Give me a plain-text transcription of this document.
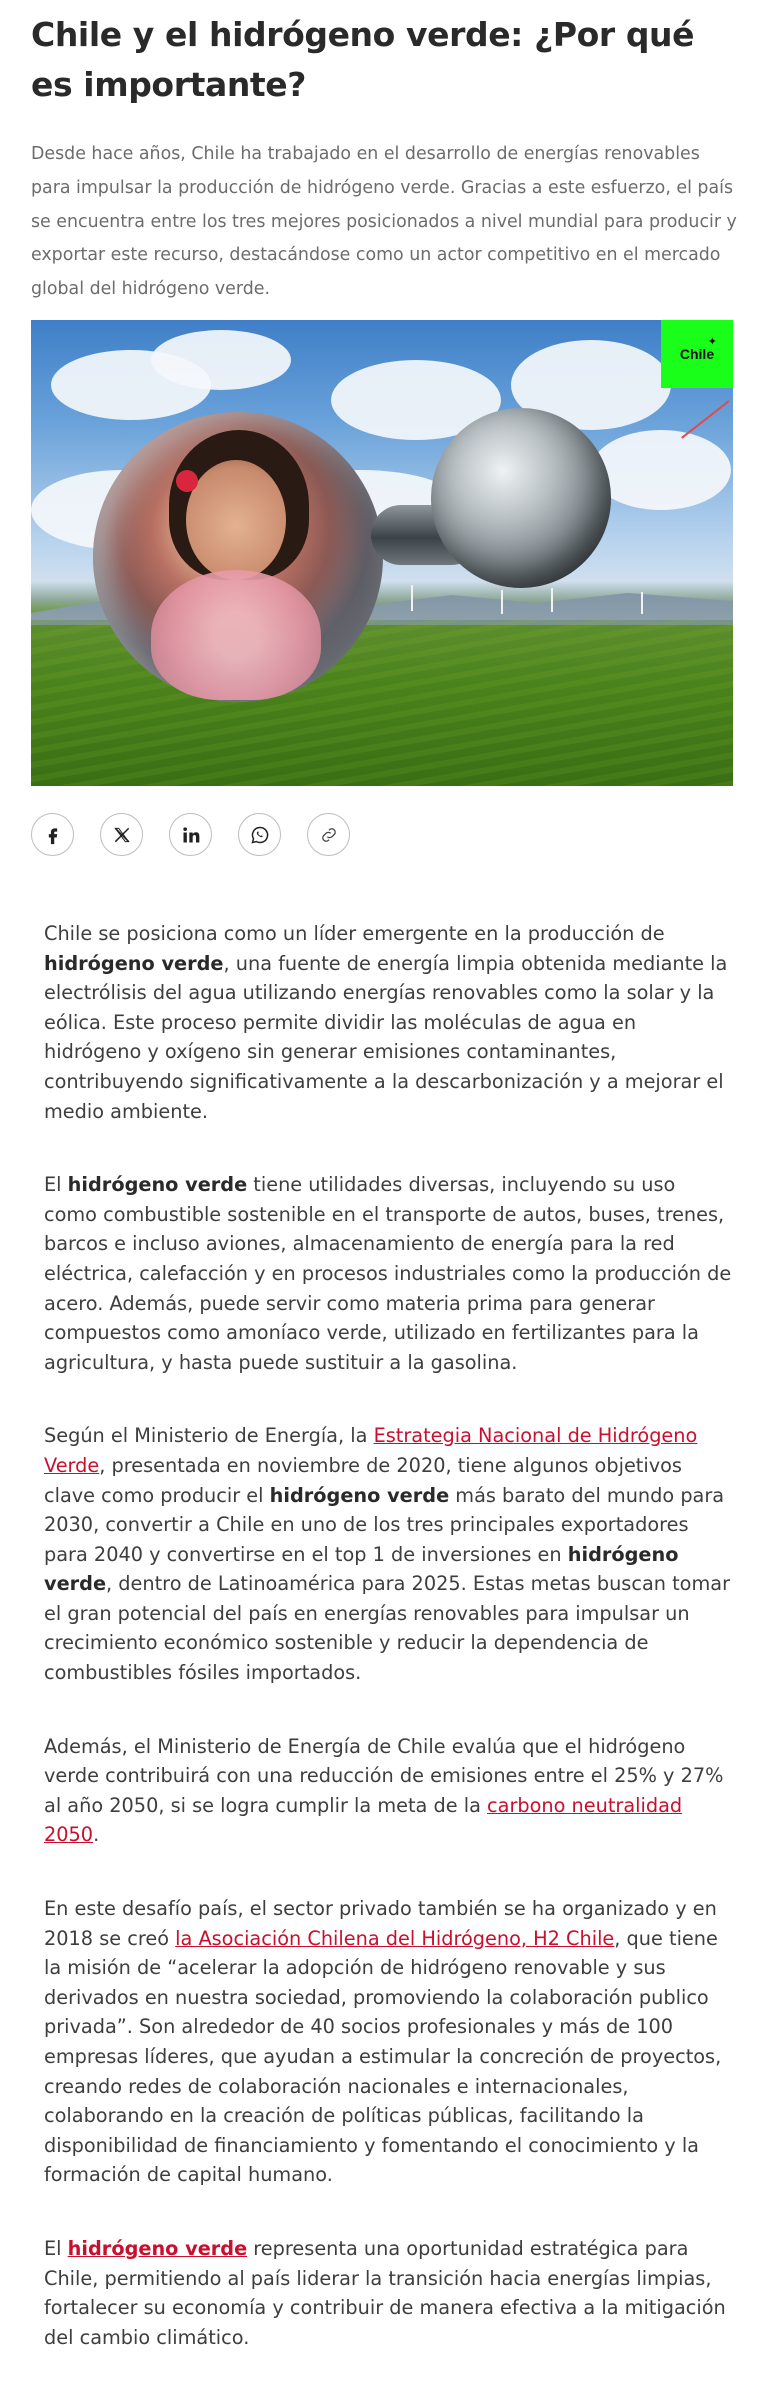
Chile y el hidrógeno verde: ¿Por qué es importante?

Desde hace años, Chile ha trabajado en el desarrollo de energías renovables para impulsar la producción de hidrógeno verde. Gracias a este esfuerzo, el país se encuentra entre los tres mejores posicionados a nivel mundial para producir y exportar este recurso, destacándose como un actor competitivo en el mercado global del hidrógeno verde.

Chile
✦

Chile se posiciona como un líder emergente en la producción de hidrógeno verde, una fuente de energía limpia obtenida mediante la electrólisis del agua utilizando energías renovables como la solar y la eólica. Este proceso permite dividir las moléculas de agua en hidrógeno y oxígeno sin generar emisiones contaminantes, contribuyendo significativamente a la descarbonización y a mejorar el medio ambiente.

El hidrógeno verde tiene utilidades diversas, incluyendo su uso como combustible sostenible en el transporte de autos, buses, trenes, barcos e incluso aviones, almacenamiento de energía para la red eléctrica, calefacción y en procesos industriales como la producción de acero. Además, puede servir como materia prima para generar compuestos como amoníaco verde, utilizado en fertilizantes para la agricultura, y hasta puede sustituir a la gasolina.

Según el Ministerio de Energía, la Estrategia Nacional de Hidrógeno Verde, presentada en noviembre de 2020, tiene algunos objetivos clave como producir el hidrógeno verde más barato del mundo para 2030, convertir a Chile en uno de los tres principales exportadores para 2040 y convertirse en el top 1 de inversiones en hidrógeno verde, dentro de Latinoamérica para 2025. Estas metas buscan tomar el gran potencial del país en energías renovables para impulsar un crecimiento económico sostenible y reducir la dependencia de combustibles fósiles importados.

Además, el Ministerio de Energía de Chile evalúa que el hidrógeno verde contribuirá con una reducción de emisiones entre el 25% y 27% al año 2050, si se logra cumplir la meta de la carbono neutralidad 2050.

En este desafío país, el sector privado también se ha organizado y en 2018 se creó la Asociación Chilena del Hidrógeno, H2 Chile, que tiene la misión de “acelerar la adopción de hidrógeno renovable y sus derivados en nuestra sociedad, promoviendo la colaboración publico privada”. Son alrededor de 40 socios profesionales y más de 100 empresas líderes, que ayudan a estimular la concreción de proyectos, creando redes de colaboración nacionales e internacionales, colaborando en la creación de políticas públicas, facilitando la disponibilidad de financiamiento y fomentando el conocimiento y la formación de capital humano.

El hidrógeno verde representa una oportunidad estratégica para Chile, permitiendo al país liderar la transición hacia energías limpias, fortalecer su economía y contribuir de manera efectiva a la mitigación del cambio climático.
